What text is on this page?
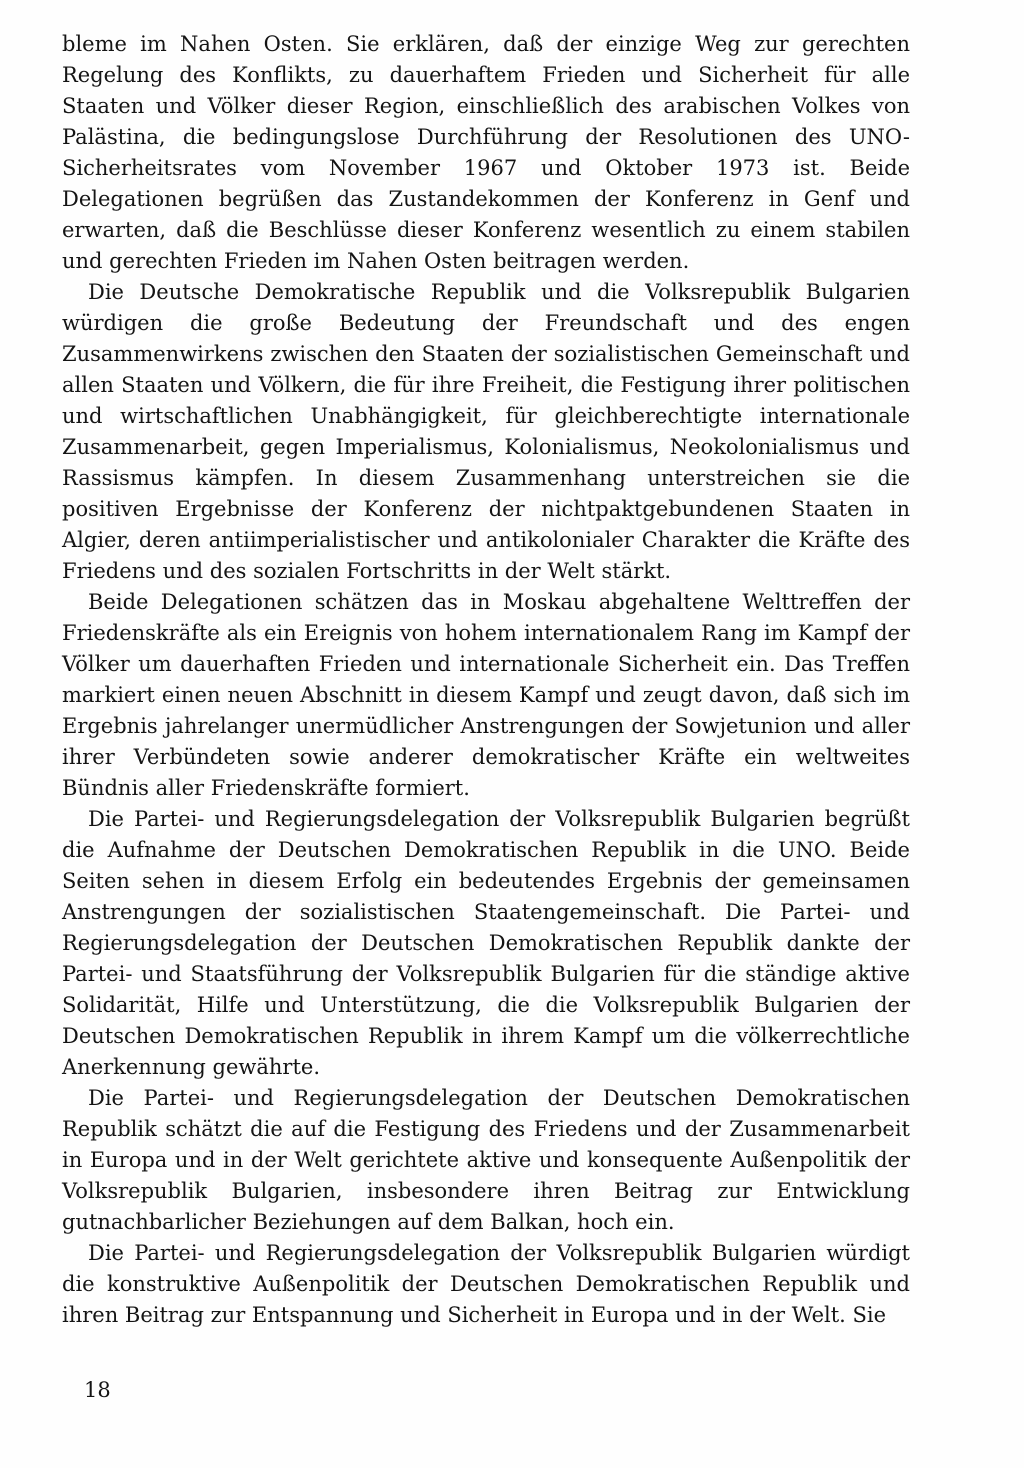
bleme im Nahen Osten. Sie erklären, daß der einzige Weg zur gerechten Regelung des Konflikts, zu dauerhaftem Frieden und Sicherheit für alle Staaten und Völker dieser Region, einschließlich des arabischen Volkes von Palästina, die bedingungslose Durchführung der Resolutionen des UNO-Sicherheitsrates vom November 1967 und Oktober 1973 ist. Beide Delegationen begrüßen das Zustandekommen der Konferenz in Genf und erwarten, daß die Beschlüsse dieser Konferenz wesentlich zu einem stabilen und gerechten Frieden im Nahen Osten beitragen werden.

Die Deutsche Demokratische Republik und die Volksrepublik Bulgarien würdigen die große Bedeutung der Freundschaft und des engen Zusammenwirkens zwischen den Staaten der sozialistischen Gemeinschaft und allen Staaten und Völkern, die für ihre Freiheit, die Festigung ihrer politischen und wirtschaftlichen Unabhängigkeit, für gleichberechtigte internationale Zusammenarbeit, gegen Imperialismus, Kolonialismus, Neokolonialismus und Rassismus kämpfen. In diesem Zusammenhang unterstreichen sie die positiven Ergebnisse der Konferenz der nichtpaktgebundenen Staaten in Algier, deren antiimperialistischer und antikolonialer Charakter die Kräfte des Friedens und des sozialen Fortschritts in der Welt stärkt.

Beide Delegationen schätzen das in Moskau abgehaltene Welttreffen der Friedenskräfte als ein Ereignis von hohem internationalem Rang im Kampf der Völker um dauerhaften Frieden und internationale Sicherheit ein. Das Treffen markiert einen neuen Abschnitt in diesem Kampf und zeugt davon, daß sich im Ergebnis jahrelanger unermüdlicher Anstrengungen der Sowjetunion und aller ihrer Verbündeten sowie anderer demokratischer Kräfte ein weltweites Bündnis aller Friedenskräfte formiert.

Die Partei- und Regierungsdelegation der Volksrepublik Bulgarien begrüßt die Aufnahme der Deutschen Demokratischen Republik in die UNO. Beide Seiten sehen in diesem Erfolg ein bedeutendes Ergebnis der gemeinsamen Anstrengungen der sozialistischen Staatengemeinschaft. Die Partei- und Regierungsdelegation der Deutschen Demokratischen Republik dankte der Partei- und Staatsführung der Volksrepublik Bulgarien für die ständige aktive Solidarität, Hilfe und Unterstützung, die die Volksrepublik Bulgarien der Deutschen Demokratischen Republik in ihrem Kampf um die völkerrechtliche Anerkennung gewährte.

Die Partei- und Regierungsdelegation der Deutschen Demokratischen Republik schätzt die auf die Festigung des Friedens und der Zusammenarbeit in Europa und in der Welt gerichtete aktive und konsequente Außenpolitik der Volksrepublik Bulgarien, insbesondere ihren Beitrag zur Entwicklung gutnachbarlicher Beziehungen auf dem Balkan, hoch ein.

Die Partei- und Regierungsdelegation der Volksrepublik Bulgarien würdigt die konstruktive Außenpolitik der Deutschen Demokratischen Republik und ihren Beitrag zur Entspannung und Sicherheit in Europa und in der Welt. Sie

18
